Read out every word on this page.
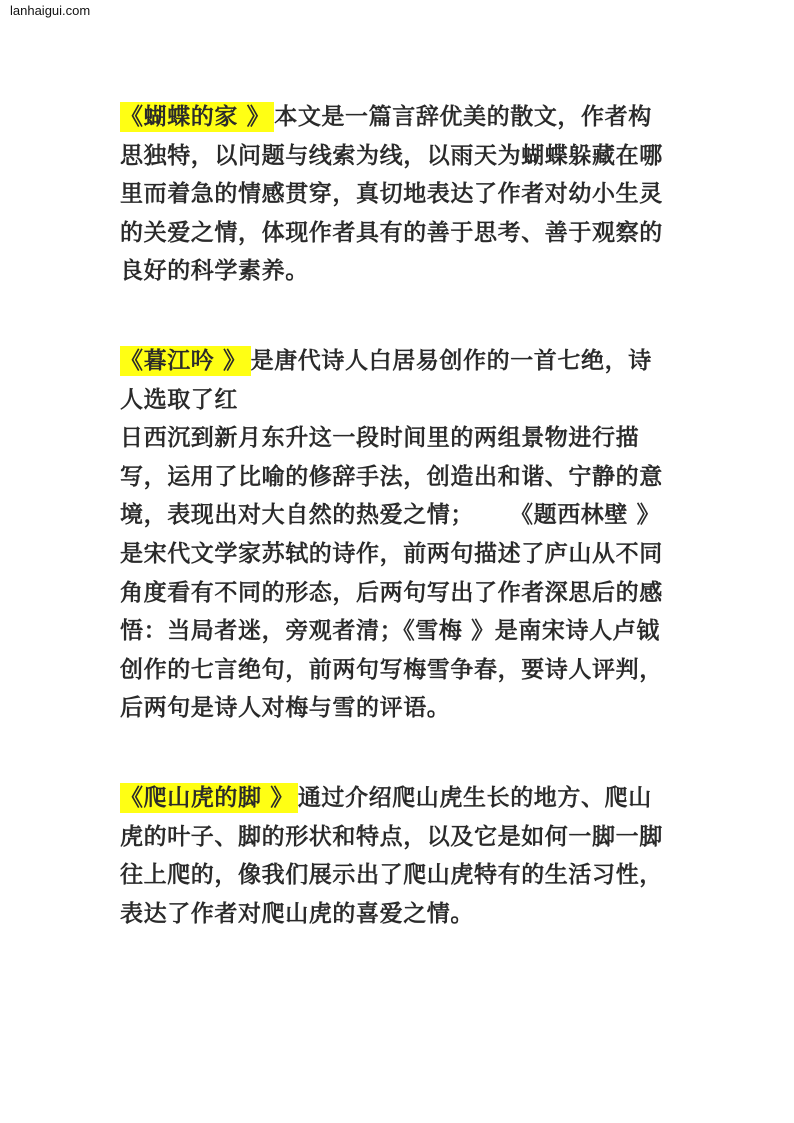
lanhaigui.com

《蝴蝶的家 》 本文是一篇言辞优美的散文，作者构思独特，以问题与线索为线，以雨天为蝴蝶躲藏在哪里而着急的情感贯穿，真切地表达了作者对幼小生灵的关爱之情，体现作者具有的善于思考、善于观察的良好的科学素养。

《暮江吟 》 是唐代诗人白居易创作的一首七绝，诗人选取了红
日西沉到新月东升这一段时间里的两组景物进行描写，运用了比喻的修辞手法，创造出和谐、宁静的意境，表现出对大自然的热爱之情； 《题西林壁 》是宋代文学家苏轼的诗作，前两句描述了庐山从不同角度看有不同的形态，后两句写出了作者深思后的感悟：当局者迷，旁观者清；《雪梅 》是南宋诗人卢钺创作的七言绝句，前两句写梅雪争春，要诗人评判，后两句是诗人对梅与雪的评语。

《爬山虎的脚 》 通过介绍爬山虎生长的地方、爬山虎的叶子、脚的形状和特点，以及它是如何一脚一脚往上爬的，像我们展示出了爬山虎特有的生活习性，表达了作者对爬山虎的喜爱之情。
